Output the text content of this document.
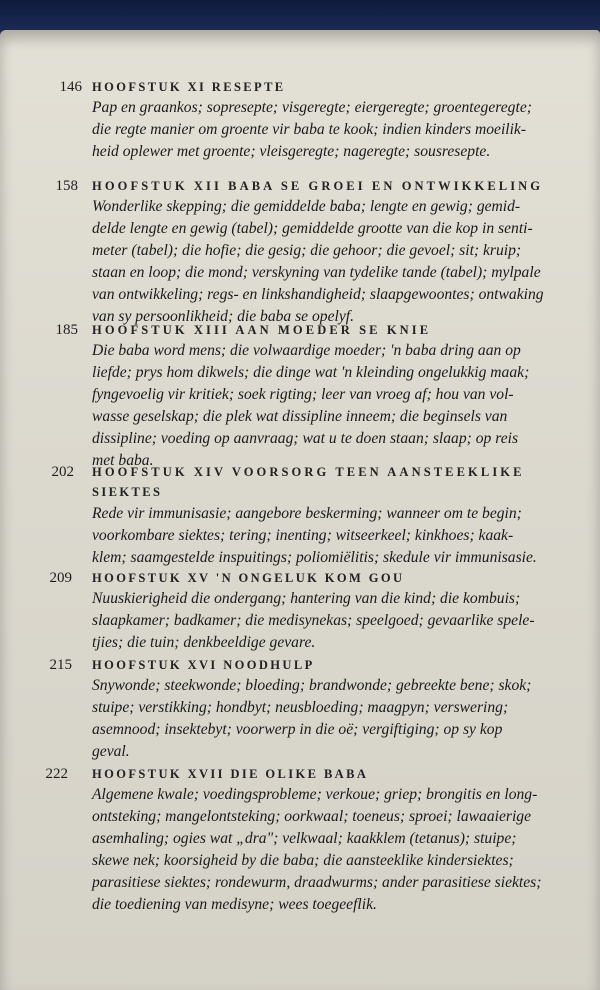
146 HOOFSTUK XI RESEPTE
Pap en graankos; sopresepte; visgeregte; eiergeregte; groentegeregte;
die regte manier om groente vir baba te kook; indien kinders moeilik-
heid oplewer met groente; vleisgeregte; nageregte; sousresepte.
158 HOOFSTUK XII BABA SE GROEI EN ONTWIKKELING
Wonderlike skepping; die gemiddelde baba; lengte en gewig; gemid-
delde lengte en gewig (tabel); gemiddelde grootte van die kop in senti-
meter (tabel); die hofie; die gesig; die gehoor; die gevoel; sit; kruip;
staan en loop; die mond; verskyning van tydelike tande (tabel); mylpale
van ontwikkeling; regs- en linkshandigheid; slaapgewoontes; ontwaking
van sy persoonlikheid; die baba se opelyf.
185 HOOFSTUK XIII AAN MOEDER SE KNIE
Die baba word mens; die volwaardige moeder; 'n baba dring aan op
liefde; prys hom dikwels; die dinge wat 'n kleinding ongelukkig maak;
fyngevoelig vir kritiek; soek rigting; leer van vroeg af; hou van vol-
wasse geselskap; die plek wat dissipline inneem; die beginsels van
dissipline; voeding op aanvraag; wat u te doen staan; slaap; op reis
met baba.
202 HOOFSTUK XIV VOORSORG TEEN AANSTEEKLIKE
SIEKTES
Rede vir immunisasie; aangebore beskerming; wanneer om te begin;
voorkombare siektes; tering; inenting; witseerkeel; kinkhoes; kaak-
klem; saamgestelde inspuitings; poliomiëlitis; skedule vir immunisasie.
209 HOOFSTUK XV 'N ONGELUK KOM GOU
Nuuskierigheid die ondergang; hantering van die kind; die kombuis;
slaapkamer; badkamer; die medisynekas; speelgoed; gevaarlike spele-
tjies; die tuin; denkbeeldige gevare.
215 HOOFSTUK XVI NOODHULP
Snywonde; steekwonde; bloeding; brandwonde; gebreekte bene; skok;
stuipe; verstikking; hondbyt; neusbloeding; maagpyn; verswering;
asemnood; insektebyt; voorwerp in die oë; vergiftiging; op sy kop
geval.
222 HOOFSTUK XVII DIE OLIKE BABA
Algemene kwale; voedingsprobleme; verkoue; griep; brongitis en long-
ontsteking; mangelontsteking; oorkwaal; toeneus; sproei; lawaaierige
asemhaling; ogies wat „dra"; velkwaal; kaakklem (tetanus); stuipe;
skewe nek; koorsigheid by die baba; die aansteeklike kindersiektes;
parasitiese siektes; rondewurm, draadwurms; ander parasitiese siektes;
die toediening van medisyne; wees toegeeflik.
